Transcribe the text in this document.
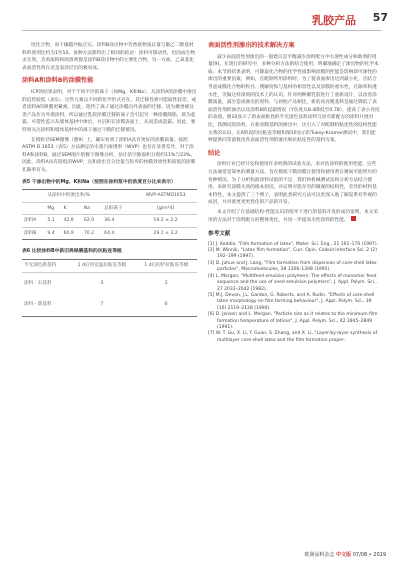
乳胶产品 57

度化合物，而干燥越共振正实。涂料B涂出物中劳香族物质总量与聚乙二醇基材料的溶剂比约为1至10。再种方法都得出了相同的结论：涂料可移动性，但因成生物杀生剂，丢看质粉和助溶剂都是涂料B涂出物中的主要化合物。另一方面，乙氧基化表面活性剂在近是表涂层出的极易泳。

涂料A和涂料B的涂膜性能

ICP的结果表明，对于不同平径的离子（如Mg、K和Na），从涂料A的涂膜中渗出的趋势较低（表5）。这些元素以不同的化学形式存在，其迁移性难可能取性较差，或者涂料A的吸膜更紧密。因此，阻挡了离子通过涂膜向外表面的迁移。因为聚香烯这类产品作为外墙涂料，所以通过乳胶涂膜迁移的离子会引起另一种涂膜缺陷，即为起霜。可借性监示从墙体基材中渗出，并沉积在涂膜表面上，从而造成起霜。因此，要特别关注涂料和墙体基材中的离子通过干膜的迁移情况。

在模粒径SEM图像（图9）上，确实看到了涂料A具有更好的涂膜质量。按照ASTM D 1653（表5）方法测定的水蒸汽渗透率（WVP）也存在显著差异，对于涂料A和涂料B，通过SEM图片的数字图像分析，估计的空隙面积分别约11%与23%。因此，涂料A具有较低的WVP，这和涂出百分比值与粒库的快膜效果性和较低的涂膜孔隙率有关。

表5 干渗出物中的Mg、K和Na（按照在涂料浆中的浓度百分比来表示）
	从涂料中的渗出率/%				WVP-ASTMD1653
	Mg	K	Na	总阳离子	[g/m²d]
涂料A	5.1	42.9	62.0	36.4	19.2 ± 2.2
涂料B	9.4	60.9	70.2	64.4	29.1 ± 3.2
表6 比较涂料B中新旧亮绿膜基料的抗粘连等级
半光深色新基料	1 d后的室温抗粘连等级	1 d后的炉抗粘连等级
涂料 - 石基料	3	2
涂料 - 新基料	7	6
表面活性剂渗出的技术解决方案

减少表面活性剂渗出的一般建议是平衡减少涂料配方中水溶性成分和助剂的用量[9]，在现行的研究中，多种分析方法的结合使用，明确地确定了渗出物的化学本质。本节的结果表明，可降取化合物的化学性质影响涂膜的性能是影响即可渗性的渗出的重要因素，例如，在配制所用涂料时，为了使表面渗出达到最小化，应结合考虑成膜化合物的粒径、搜解度和与基材的相容性以及涂膜的重水性，孔隙率和透水性，笑做这样深刻的技术上的认识，针对两种聚乳胶进行了重新设计，以改善涂膜质量，减少造成渗出的原料，与初始产品相比，新的高亮膜基料是通过降低了表面活性剂的渗出以及涂料B的起霜情况（Y负度从8.4降低至0.78），提高了表小亮度的表现。图10显示了新表面粘性的半光深色基料涂料与涂有新配方的涂料开展对比，我测试的涂料，在新亮膜基料的渗出中，达引入了对配制机粘连性的结构性能关系的认识，在6阶段的抗粘连等级和图10显示的Tukey-Kramer测试中，我们能够提供同等量数改善表面活性剂的渗出和抗粘连性的基料方案。

结论

涂料行业已经开发和使用许多经典的试验方法，来评估涂料的使用性能，这些方法通常是简单的测量方法，旨在模拟干膜涂膜在使用和使用剂在聚间可能经历的各种情况。为了分析构准涂料试验的不足，我们将机械测试法和分析方法结合使用，来研究涂膜失效的根本原因，并证明可能存有的微观的结构性，差异的材料基本特性。本文提供了三个例子，表明此类研究方法可以更深入地了解起系有外观的成因，并对逐更更更优化的产品的开发。

本文介绍了在基础结构-性能认识的指导下进行的基料开发的成功案例。本文采用的方法对于涂料配方的整体优化，并进一步提高水性涂料的性能。

参考文献

[1] J. Keddie, "Film formation of latex", Mater. Sci. Eng., 21 101–170 (1997).

[2] M. Winnik, "Latex film formation", Curr. Opin. Colloid Interface Sci. 2 (2) 192–199 (1997).

[3] D. Juhue and J. Lang, "Film formation from dispersion of core-shell latex particles", Macromolecules, 28 1306–1308 (1995).

[4] L. Morgan, "Multifeed emulsion polymers: The effects of monomer feed sequence and the use of seed emulsion polymers", J. Appl. Polym. Sci., 27 2033–2042 (1982).

[5] M.J. Devon, J.L. Gardon, G. Roberts, and A. Rudin, "Effects of core-shell latex morphology on film forming behaviour", J. Appl. Polym. Sci., 39 (10) 2119–2128 (1990).

[6] D. Jenson and L. Morgan, "Particle size as it relates to the minimum film formation temperature of latices", J. Appl. Polym. Sci., 42 2845–2849 (1991).

[7] W. T. Gu, X. Li, Y. Guan, S. Zhang, and X. Li, "Layer-by-layer synthesis of multilayer core-shell latex and the film formation proper-

欧洲涂料杂志 中文版 07/08 • 2019
